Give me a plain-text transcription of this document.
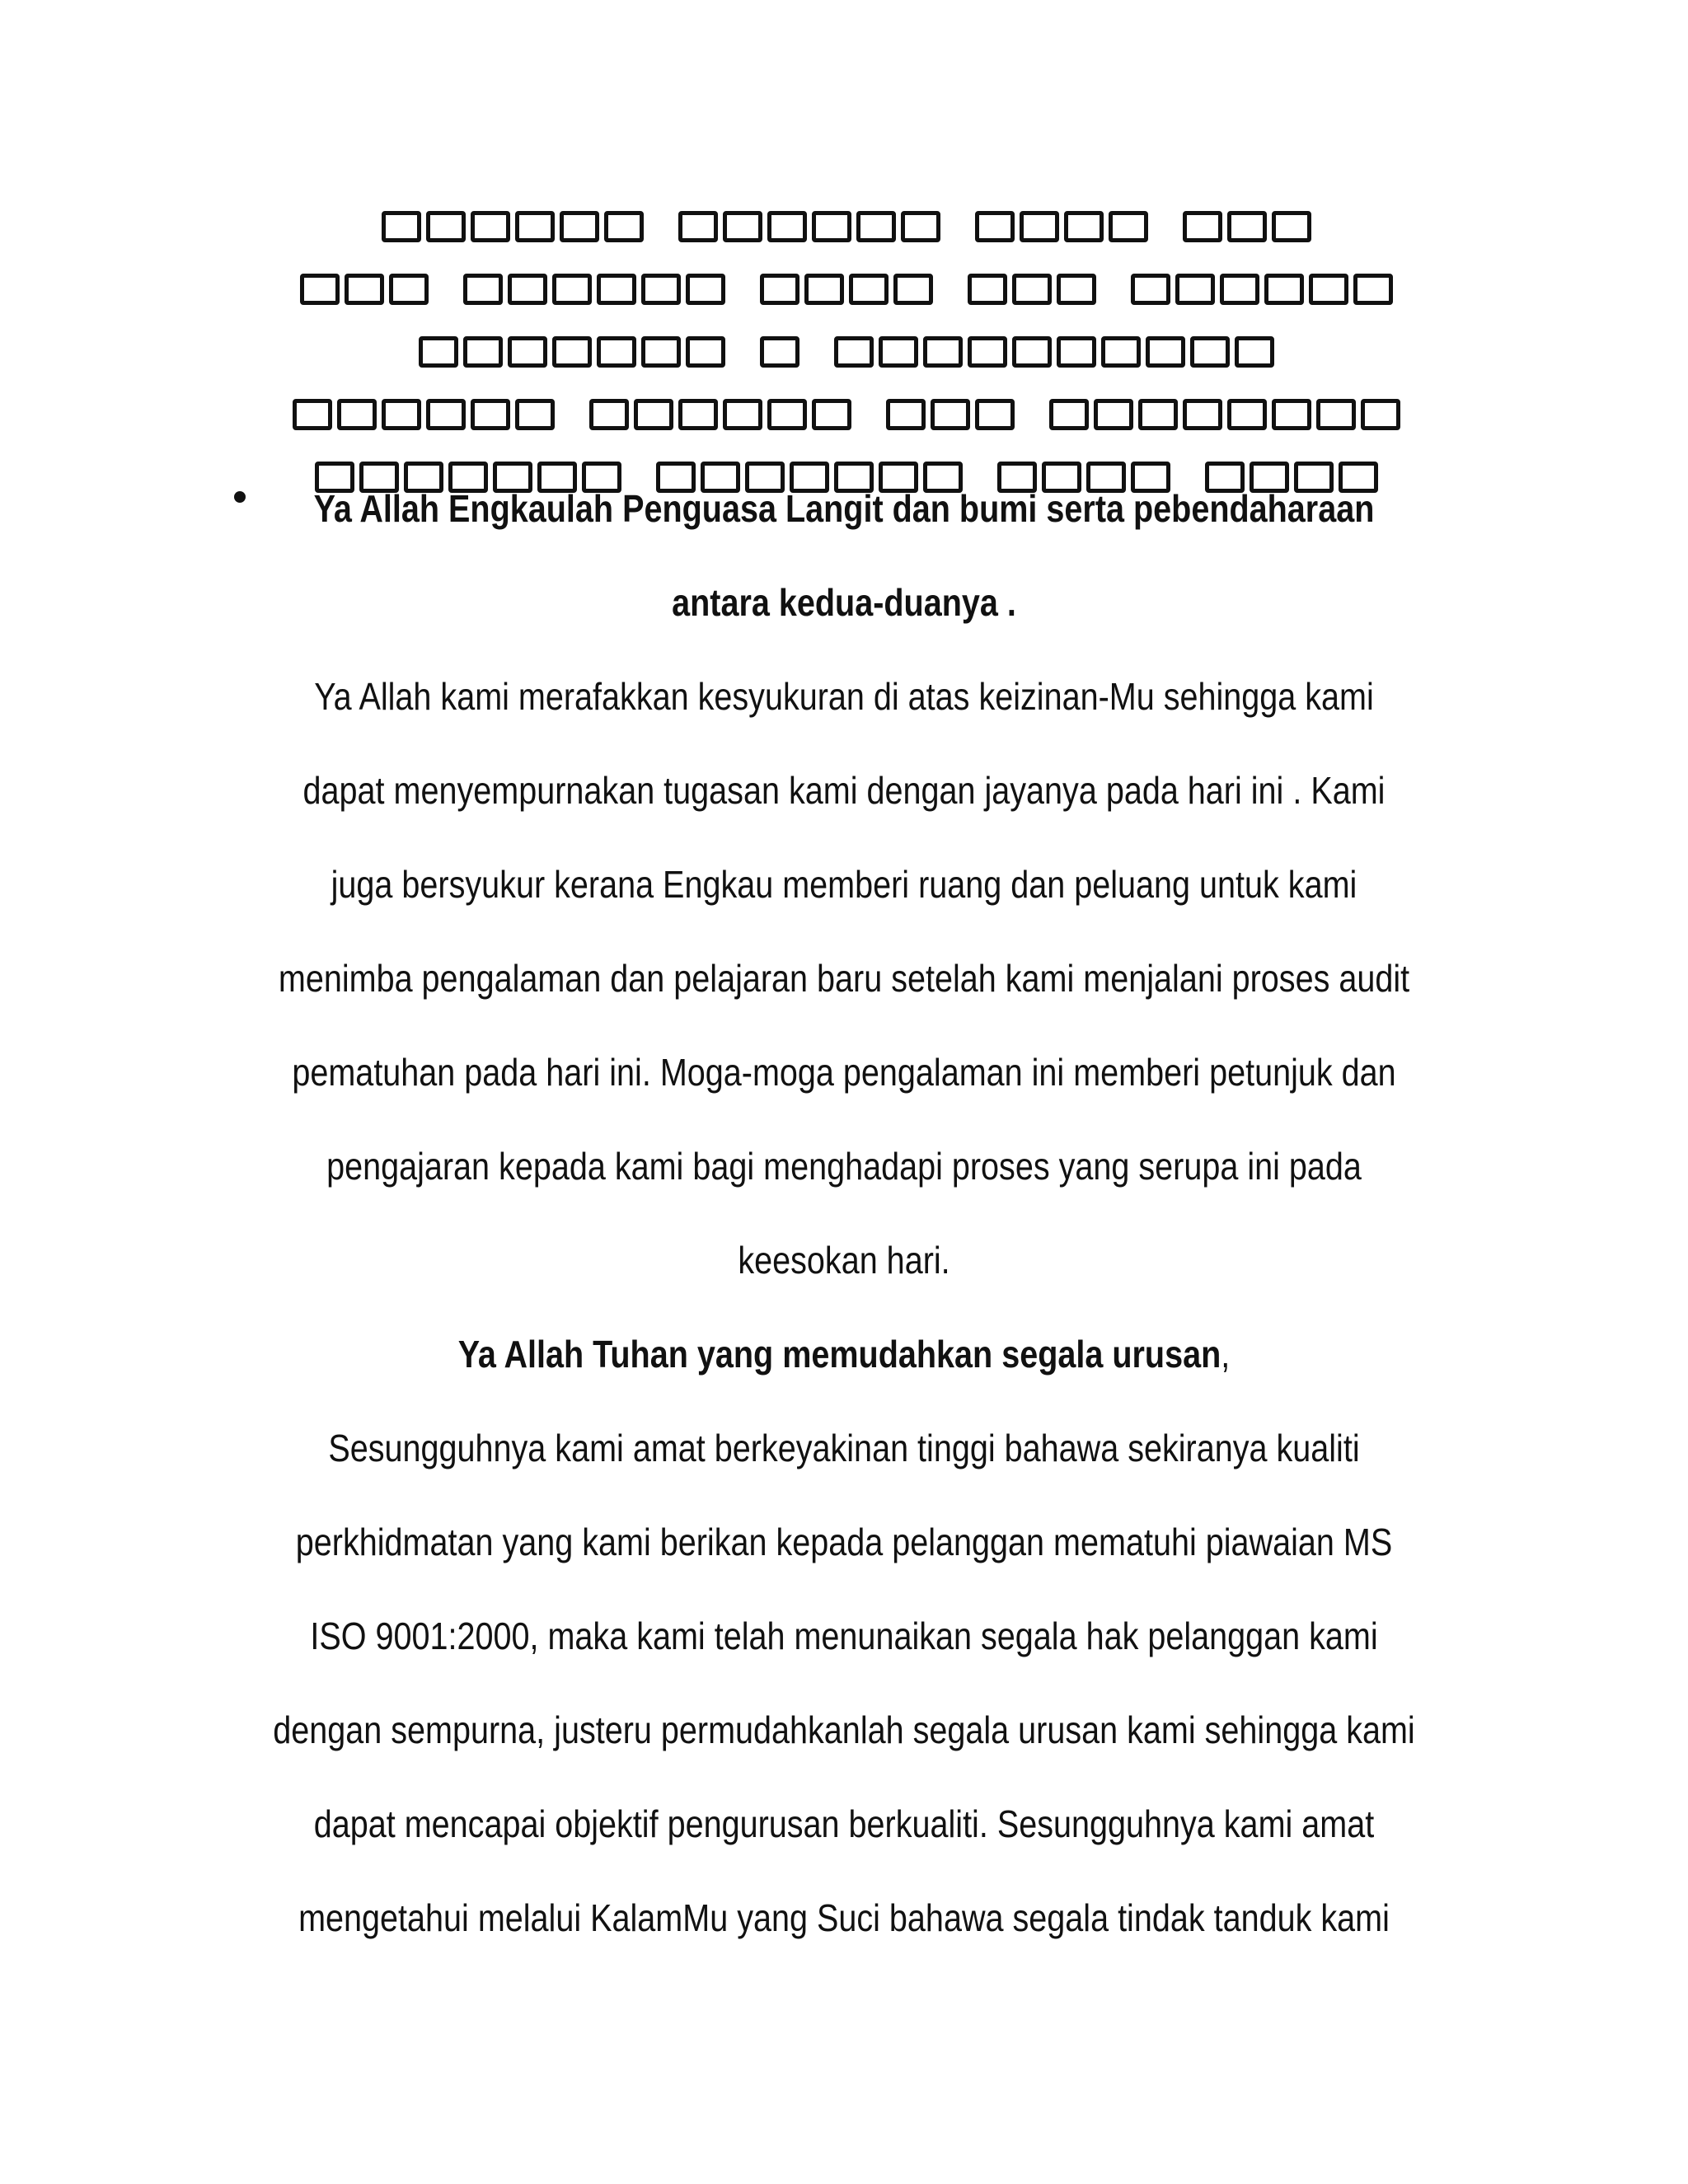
Ya Allah Engkaulah Penguasa Langit dan bumi serta pebendaharaan
antara kedua-duanya .
Ya Allah kami merafakkan kesyukuran di atas keizinan-Mu sehingga kami
dapat menyempurnakan tugasan kami dengan jayanya pada hari ini . Kami
juga bersyukur kerana Engkau memberi ruang dan peluang untuk kami
menimba pengalaman dan pelajaran baru setelah kami menjalani proses audit
pematuhan pada hari ini. Moga-moga pengalaman ini memberi petunjuk dan
pengajaran kepada kami bagi menghadapi proses yang serupa ini pada
keesokan hari.
Ya Allah Tuhan yang memudahkan segala urusan,
Sesungguhnya kami amat berkeyakinan tinggi bahawa sekiranya kualiti
perkhidmatan yang kami berikan kepada pelanggan mematuhi piawaian MS
ISO 9001:2000, maka kami telah menunaikan segala hak pelanggan kami
dengan sempurna, justeru permudahkanlah segala urusan kami sehingga kami
dapat mencapai objektif pengurusan berkualiti. Sesungguhnya kami amat
mengetahui melalui KalamMu yang Suci bahawa segala tindak tanduk kami
